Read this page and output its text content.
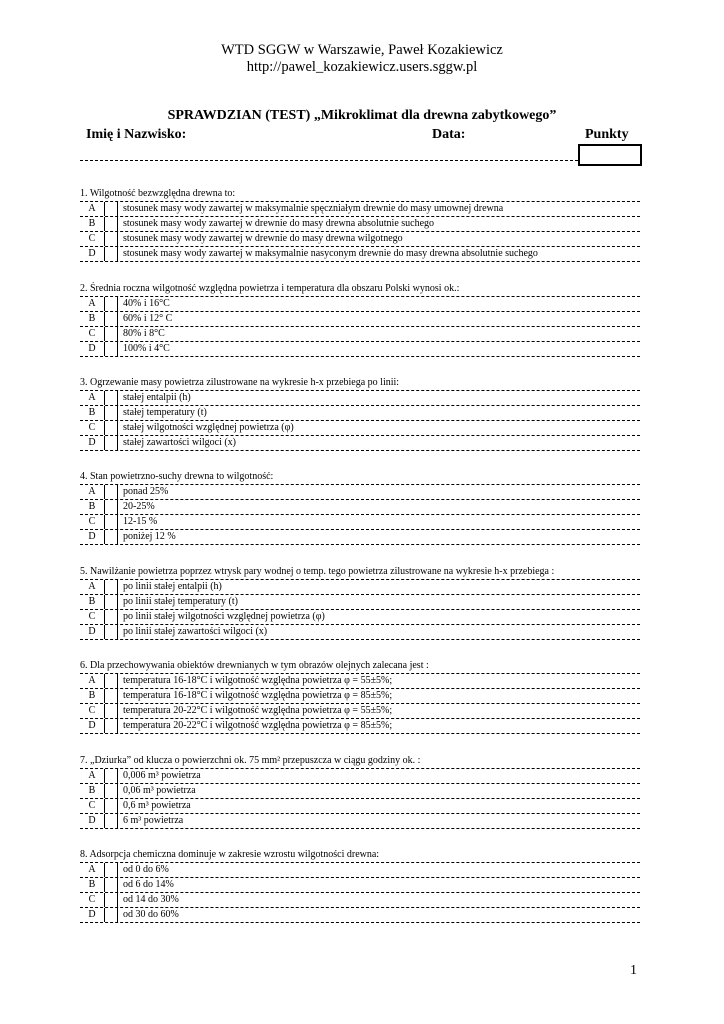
WTD SGGW w Warszawie, Paweł Kozakiewicz
http://pawel_kozakiewicz.users.sggw.pl
SPRAWDZIAN (TEST) „Mikroklimat dla drewna zabytkowego”
Imię i Nazwisko:	Data:	Punkty
1. Wilgotność bezwzględna drewna to:
A	stosunek masy wody zawartej w maksymalnie spęczniałym drewnie do masy umownej drewna
B	stosunek masy wody zawartej w drewnie do masy drewna absolutnie suchego
C	stosunek masy wody zawartej w drewnie do masy drewna wilgotnego
D	stosunek masy wody zawartej w maksymalnie nasyconym drewnie do masy drewna absolutnie suchego
2. Średnia roczna wilgotność względna powietrza i temperatura dla obszaru Polski wynosi ok.:
A	40% i 16°C
B	60% i 12° C
C	80% i 8°C
D	100% i 4°C
3. Ogrzewanie masy powietrza zilustrowane na wykresie h-x przebiega po linii:
A	stałej entalpii (h)
B	stałej temperatury (t)
C	stałej wilgotności względnej powietrza (φ)
D	stałej zawartości wilgoci (x)
4. Stan powietrzno-suchy drewna to wilgotność:
A	ponad 25%
B	20-25%
C	12-15 %
D	poniżej 12 %
5. Nawilżanie powietrza poprzez wtrysk pary wodnej o temp. tego powietrza zilustrowane na wykresie h-x przebiega :
A	po linii stałej entalpii (h)
B	po linii stałej temperatury (t)
C	po linii stałej wilgotności względnej powietrza (φ)
D	po linii stałej zawartości wilgoci (x)
6. Dla przechowywania obiektów drewnianych w tym obrazów olejnych zalecana jest :
A	temperatura 16-18°C i wilgotność względna powietrza φ = 55±5%;
B	temperatura 16-18°C i wilgotność względna powietrza φ = 85±5%;
C	temperatura 20-22°C i wilgotność względna powietrza φ = 55±5%;
D	temperatura 20-22°C i wilgotność względna powietrza φ = 85±5%;
7. „Dziurka” od klucza o powierzchni ok. 75 mm² przepuszcza w ciągu godziny ok. :
A	0,006 m³ powietrza
B	0,06 m³ powietrza
C	0,6 m³ powietrza
D	6 m³ powietrza
8. Adsorpcja chemiczna dominuje w zakresie wzrostu wilgotności drewna:
A	od 0 do 6%
B	od 6 do 14%
C	od 14 do 30%
D	od 30 do 60%
1
